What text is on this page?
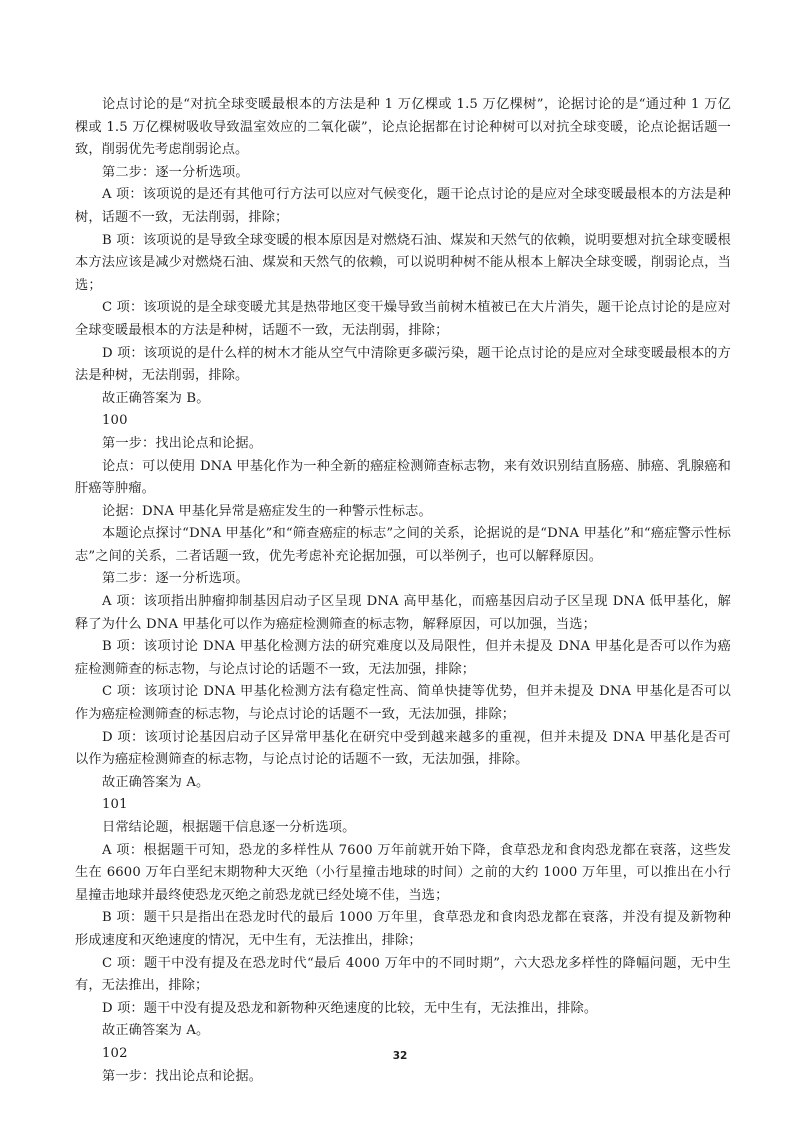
论点讨论的是“对抗全球变暖最根本的方法是种 1 万亿棵或 1.5 万亿棵树”，论据讨论的是“通过种 1 万亿棵或 1.5 万亿棵树吸收导致温室效应的二氧化碳”，论点论据都在讨论种树可以对抗全球变暖，论点论据话题一致，削弱优先考虑削弱论点。

第二步：逐一分析选项。

A 项：该项说的是还有其他可行方法可以应对气候变化，题干论点讨论的是应对全球变暖最根本的方法是种树，话题不一致，无法削弱，排除；

B 项：该项说的是导致全球变暖的根本原因是对燃烧石油、煤炭和天然气的依赖，说明要想对抗全球变暖根本方法应该是减少对燃烧石油、煤炭和天然气的依赖，可以说明种树不能从根本上解决全球变暖，削弱论点，当选；

C 项：该项说的是全球变暖尤其是热带地区变干燥导致当前树木植被已在大片消失，题干论点讨论的是应对全球变暖最根本的方法是种树，话题不一致，无法削弱，排除；

D 项：该项说的是什么样的树木才能从空气中清除更多碳污染，题干论点讨论的是应对全球变暖最根本的方法是种树，无法削弱，排除。

故正确答案为 B。

100

第一步：找出论点和论据。

论点：可以使用 DNA 甲基化作为一种全新的癌症检测筛查标志物，来有效识别结直肠癌、肺癌、乳腺癌和肝癌等肿瘤。

论据：DNA 甲基化异常是癌症发生的一种警示性标志。

本题论点探讨“DNA 甲基化”和“筛查癌症的标志”之间的关系，论据说的是“DNA 甲基化”和“癌症警示性标志”之间的关系，二者话题一致，优先考虑补充论据加强，可以举例子，也可以解释原因。

第二步：逐一分析选项。

A 项：该项指出肿瘤抑制基因启动子区呈现 DNA 高甲基化，而癌基因启动子区呈现 DNA 低甲基化，解释了为什么 DNA 甲基化可以作为癌症检测筛查的标志物，解释原因，可以加强，当选；

B 项：该项讨论 DNA 甲基化检测方法的研究难度以及局限性，但并未提及 DNA 甲基化是否可以作为癌症检测筛查的标志物，与论点讨论的话题不一致，无法加强，排除；

C 项：该项讨论 DNA 甲基化检测方法有稳定性高、简单快捷等优势，但并未提及 DNA 甲基化是否可以作为癌症检测筛查的标志物，与论点讨论的话题不一致，无法加强，排除；

D 项：该项讨论基因启动子区异常甲基化在研究中受到越来越多的重视，但并未提及 DNA 甲基化是否可以作为癌症检测筛查的标志物，与论点讨论的话题不一致，无法加强，排除。

故正确答案为 A。

101

日常结论题，根据题干信息逐一分析选项。

A 项：根据题干可知，恐龙的多样性从 7600 万年前就开始下降，食草恐龙和食肉恐龙都在衰落，这些发生在 6600 万年白垩纪末期物种大灭绝（小行星撞击地球的时间）之前的大约 1000 万年里，可以推出在小行星撞击地球并最终使恐龙灭绝之前恐龙就已经处境不佳，当选；

B 项：题干只是指出在恐龙时代的最后 1000 万年里，食草恐龙和食肉恐龙都在衰落，并没有提及新物种形成速度和灭绝速度的情况，无中生有，无法推出，排除；

C 项：题干中没有提及在恐龙时代“最后 4000 万年中的不同时期”，六大恐龙多样性的降幅问题，无中生有，无法推出，排除；

D 项：题干中没有提及恐龙和新物种灭绝速度的比较，无中生有，无法推出，排除。

故正确答案为 A。

102

第一步：找出论点和论据。

32
